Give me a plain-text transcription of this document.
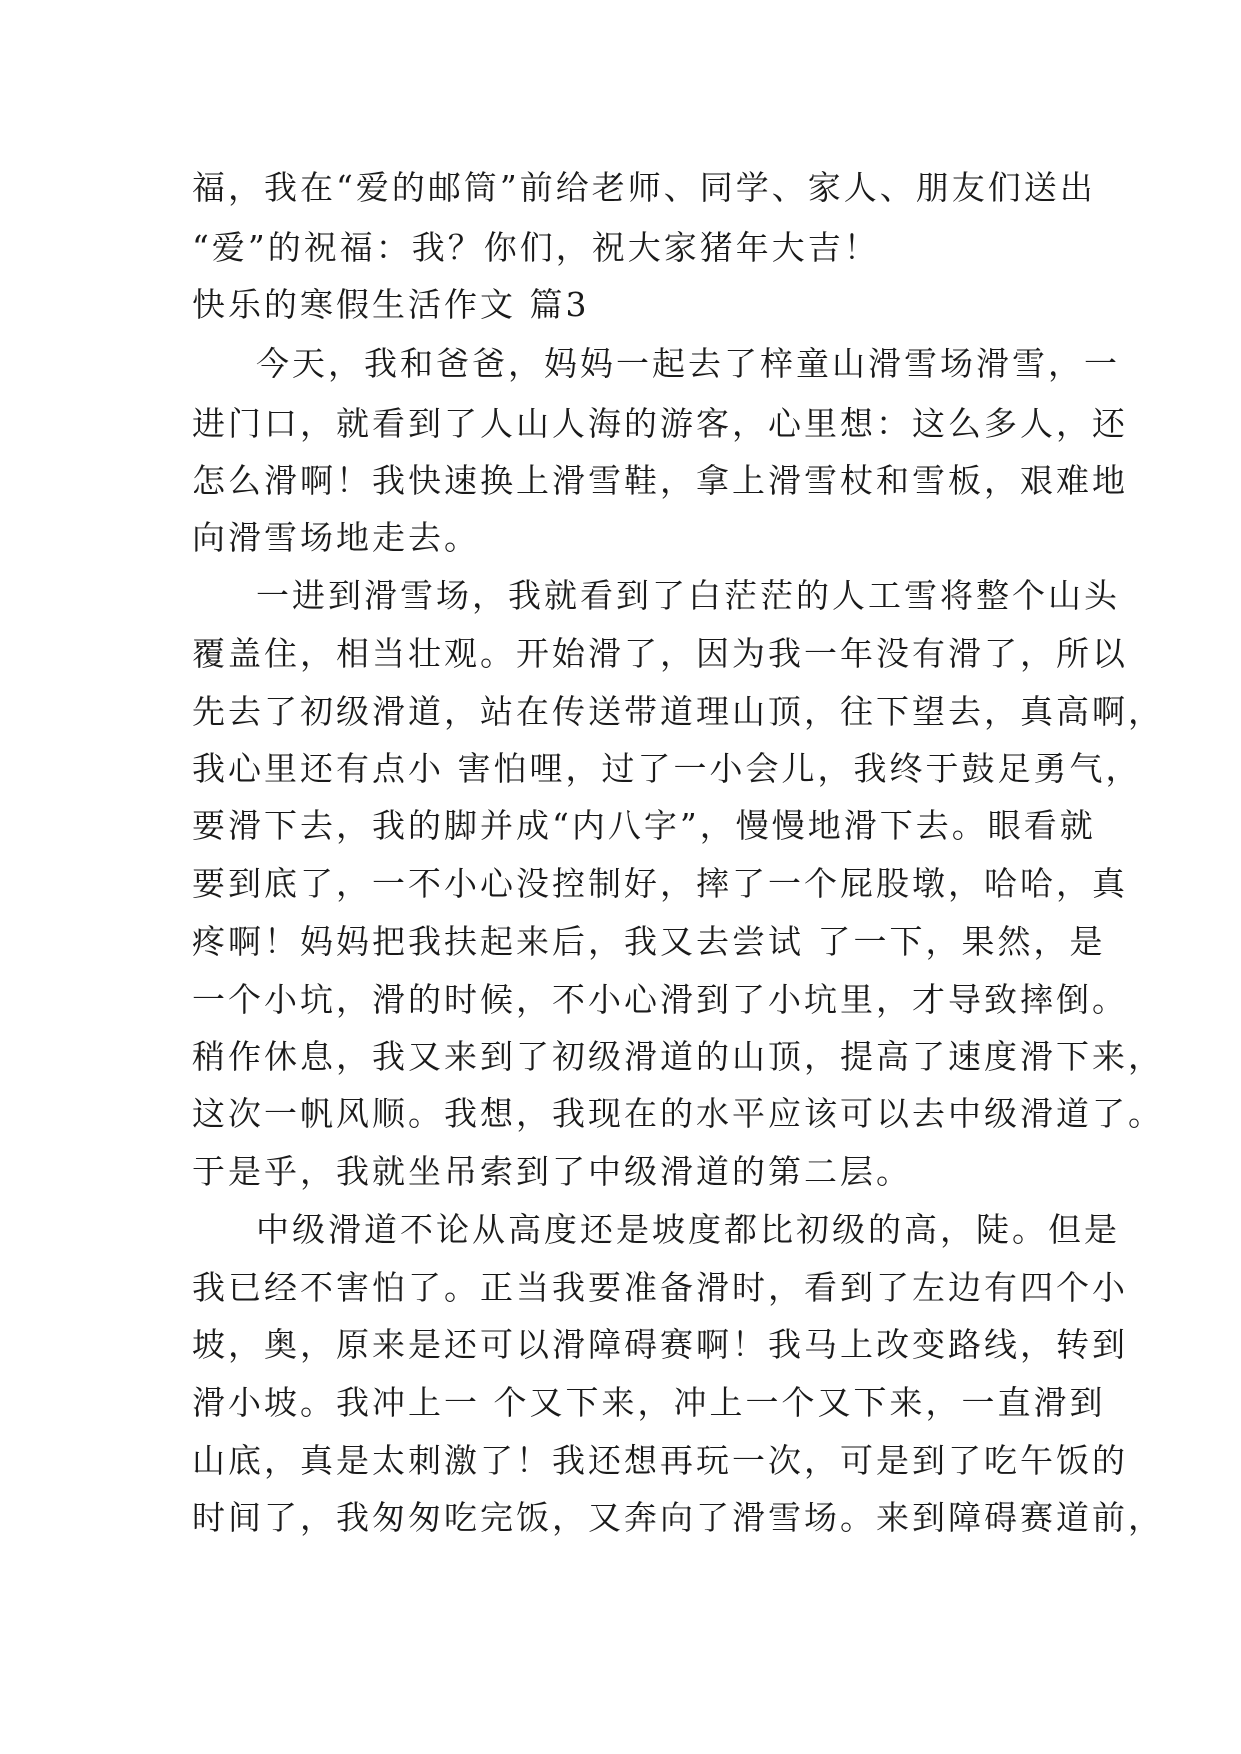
福，我在“爱的邮筒”前给老师、同学、家人、朋友们送出
“爱”的祝福：我？你们，祝大家猪年大吉！
快乐的寒假生活作文 篇3
今天，我和爸爸，妈妈一起去了梓童山滑雪场滑雪，一
进门口，就看到了人山人海的游客，心里想：这么多人，还
怎么滑啊！我快速换上滑雪鞋，拿上滑雪杖和雪板，艰难地
向滑雪场地走去。
一进到滑雪场，我就看到了白茫茫的人工雪将整个山头
覆盖住，相当壮观。开始滑了，因为我一年没有滑了，所以
先去了初级滑道，站在传送带道理山顶，往下望去，真高啊，
我心里还有点小 害怕哩，过了一小会儿，我终于鼓足勇气，
要滑下去，我的脚并成“内八字”，慢慢地滑下去。眼看就
要到底了，一不小心没控制好，摔了一个屁股墩，哈哈，真
疼啊！妈妈把我扶起来后，我又去尝试 了一下，果然，是
一个小坑，滑的时候，不小心滑到了小坑里，才导致摔倒。
稍作休息，我又来到了初级滑道的山顶，提高了速度滑下来，
这次一帆风顺。我想，我现在的水平应该可以去中级滑道了。
于是乎，我就坐吊索到了中级滑道的第二层。
中级滑道不论从高度还是坡度都比初级的高，陡。但是
我已经不害怕了。正当我要准备滑时，看到了左边有四个小
坡，奥，原来是还可以滑障碍赛啊！我马上改变路线，转到
滑小坡。我冲上一 个又下来，冲上一个又下来，一直滑到
山底，真是太刺激了！我还想再玩一次，可是到了吃午饭的
时间了，我匆匆吃完饭，又奔向了滑雪场。来到障碍赛道前，
